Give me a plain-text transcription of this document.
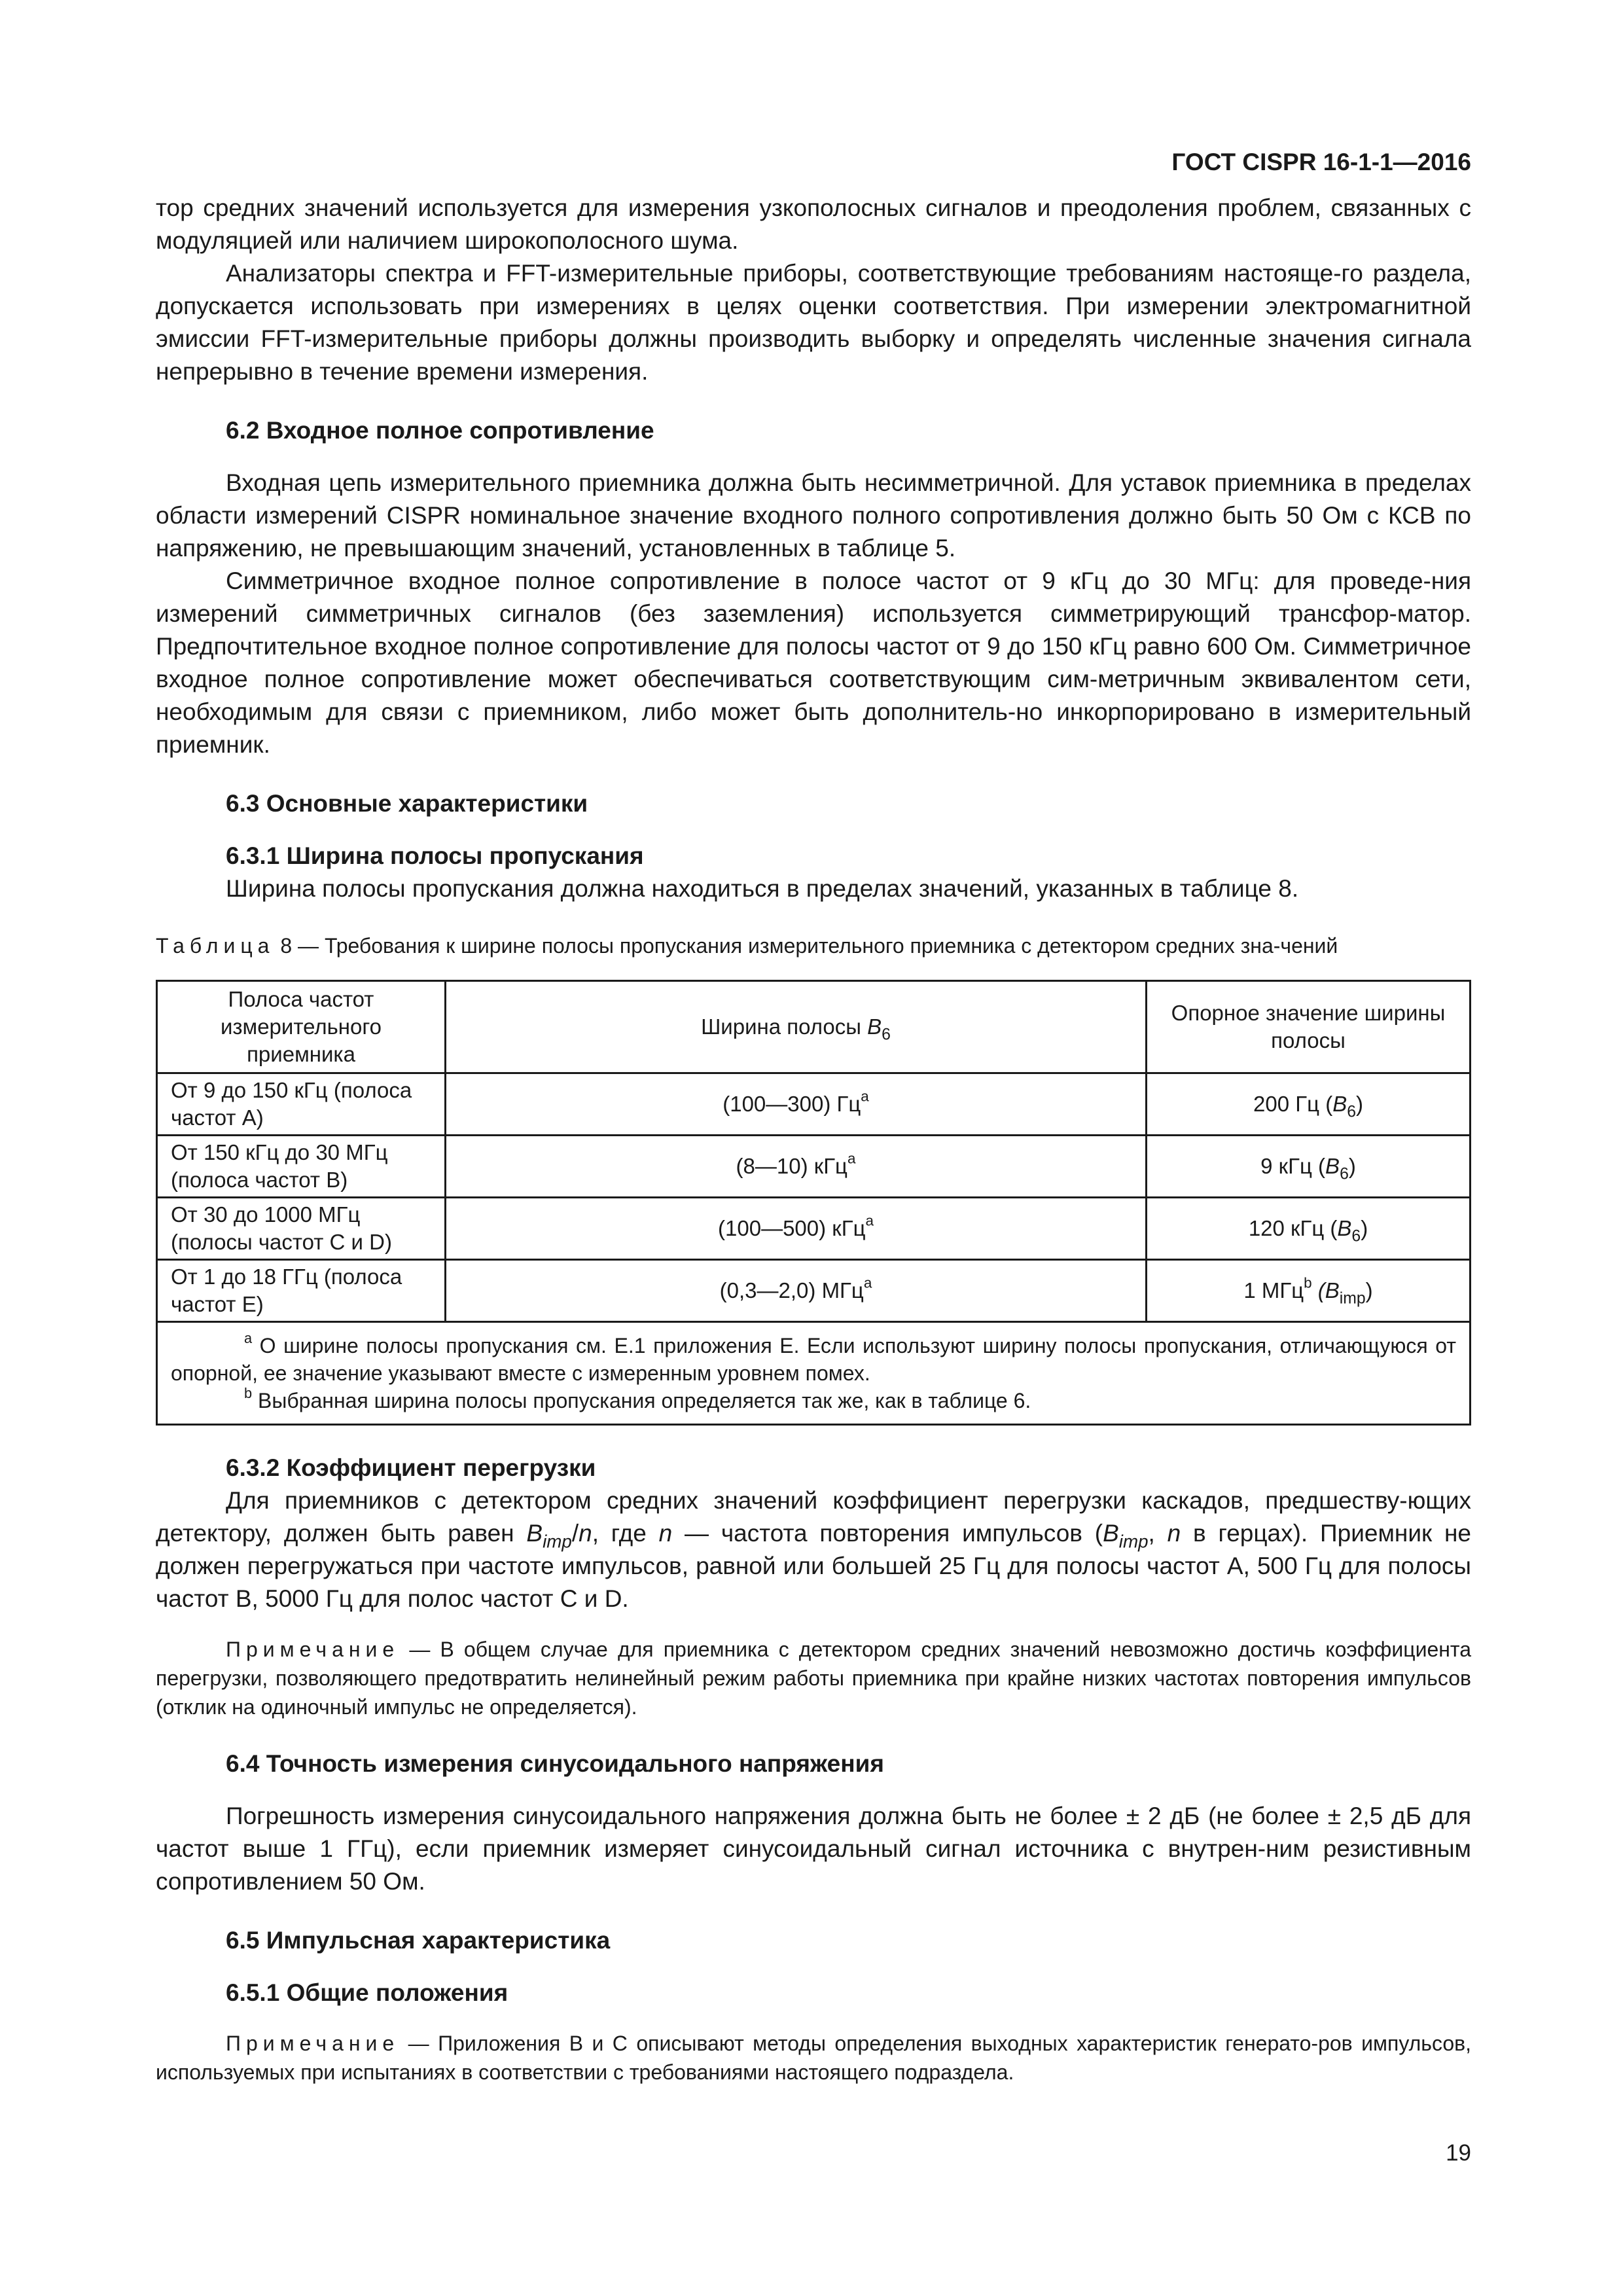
ГОСТ CISPR 16-1-1—2016

тор средних значений используется для измерения узкополосных сигналов и преодоления проблем, связанных с модуляцией или наличием широкополосного шума.

Анализаторы спектра и FFT-измерительные приборы, соответствующие требованиям настояще-го раздела, допускается использовать при измерениях в целях оценки соответствия. При измерении электромагнитной эмиссии FFT-измерительные приборы должны производить выборку и определять численные значения сигнала непрерывно в течение времени измерения.

6.2 Входное полное сопротивление

Входная цепь измерительного приемника должна быть несимметричной. Для уставок приемника в пределах области измерений CISPR номинальное значение входного полного сопротивления должно быть 50 Ом с КСВ по напряжению, не превышающим значений, установленных в таблице 5.

Симметричное входное полное сопротивление в полосе частот от 9 кГц до 30 МГц: для проведе-ния измерений симметричных сигналов (без заземления) используется симметрирующий трансфор-матор. Предпочтительное входное полное сопротивление для полосы частот от 9 до 150 кГц равно 600 Ом. Симметричное входное полное сопротивление может обеспечиваться соответствующим сим-метричным эквивалентом сети, необходимым для связи с приемником, либо может быть дополнитель-но инкорпорировано в измерительный приемник.

6.3 Основные характеристики
6.3.1 Ширина полосы пропускания

Ширина полосы пропускания должна находиться в пределах значений, указанных в таблице 8.

Таблица 8 — Требования к ширине полосы пропускания измерительного приемника с детектором средних зна-чений

Полоса частот измерительного приемника	Ширина полосы $B_6$	Опорное значение ширины полосы
От 9 до 150 кГц (полоса частот А)	(100—300) $Гц^a$	200 Гц $(B_6)$
От 150 кГц до 30 МГц (полоса частот В)	(8—10) кГц$^a$	9 кГц $(B_6)$
От 30 до 1000 МГц (полосы частот С и D)	(100—500) кГц$^a$	120 кГц $(B_6)$
От 1 до 18 ГГц (полоса частот Е)	(0,3—2,0) МГц$^a$	1 МГц$^b$ $(B_{imp})$

$^a$ О ширине полосы пропускания см. Е.1 приложения Е. Если используют ширину полосы пропускания, отличающуюся от опорной, ее значение указывают вместе с измеренным уровнем помех.
$^b$ Выбранная ширина полосы пропускания определяется так же, как в таблице 6.		
6.3.2 Коэффициент перегрузки

Для приемников с детектором средних значений коэффициент перегрузки каскадов, предшеству-ющих детектору, должен быть равен $B_{imp}/n$, где n — частота повторения импульсов ($B_{imp}$, n в герцах). Приемник не должен перегружаться при частоте импульсов, равной или большей 25 Гц для полосы частот А, 500 Гц для полосы частот В, 5000 Гц для полос частот С и D.

Примечание — В общем случае для приемника с детектором средних значений невозможно достичь коэффициента перегрузки, позволяющего предотвратить нелинейный режим работы приемника при крайне низких частотах повторения импульсов (отклик на одиночный импульс не определяется).

6.4 Точность измерения синусоидального напряжения

Погрешность измерения синусоидального напряжения должна быть не более ± 2 дБ (не более ± 2,5 дБ для частот выше 1 ГГц), если приемник измеряет синусоидальный сигнал источника с внутрен-ним резистивным сопротивлением 50 Ом.

6.5 Импульсная характеристика
6.5.1 Общие положения

Примечание — Приложения В и С описывают методы определения выходных характеристик генерато-ров импульсов, используемых при испытаниях в соответствии с требованиями настоящего подраздела.

19
